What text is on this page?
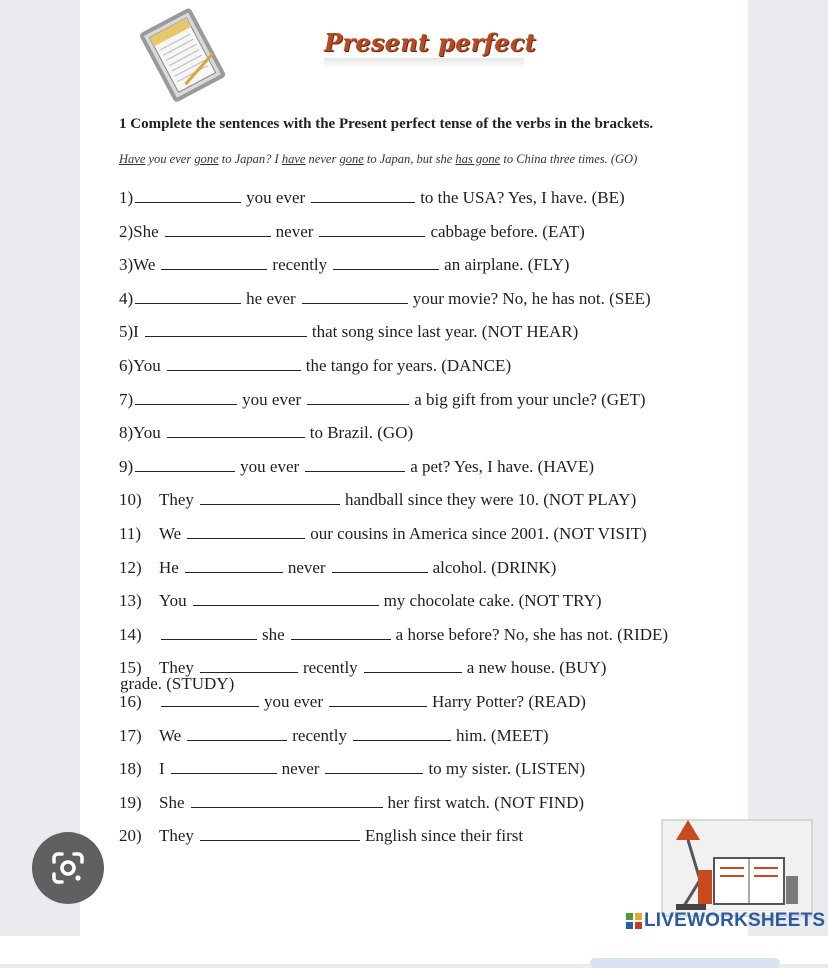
Present perfect
1 Complete the sentences with the Present perfect tense of the verbs in the brackets.
Have you ever gone to Japan? I have never gone to Japan, but she has gone to China three times. (GO)
1)	you ever	to the USA? Yes, I have. (BE)
2) She	never	cabbage before. (EAT)
3) We	recently	an airplane. (FLY)
4)	he ever	your movie? No, he has not. (SEE)
5) I	that song since last year. (NOT HEAR)
6) You	the tango for years. (DANCE)
7)	you ever	a big gift from your uncle? (GET)
8) You	to Brazil. (GO)
9)	you ever	a pet? Yes, I have. (HAVE)
10)	They	handball since they were 10. (NOT PLAY)
11)	We	our cousins in America since 2001. (NOT VISIT)
12)	He	never	alcohol. (DRINK)
13)	You	my chocolate cake. (NOT TRY)
14)	she	a horse before? No, she has not. (RIDE)
15)	They	recently	a new house. (BUY)
16)	you ever	Harry Potter? (READ)
17)	We	recently	him. (MEET)
18)	I	never	to my sister. (LISTEN)
19)	She	her first watch. (NOT FIND)
20)	They	English since their first
grade. (STUDY)
LIVEWORKSHEETS
